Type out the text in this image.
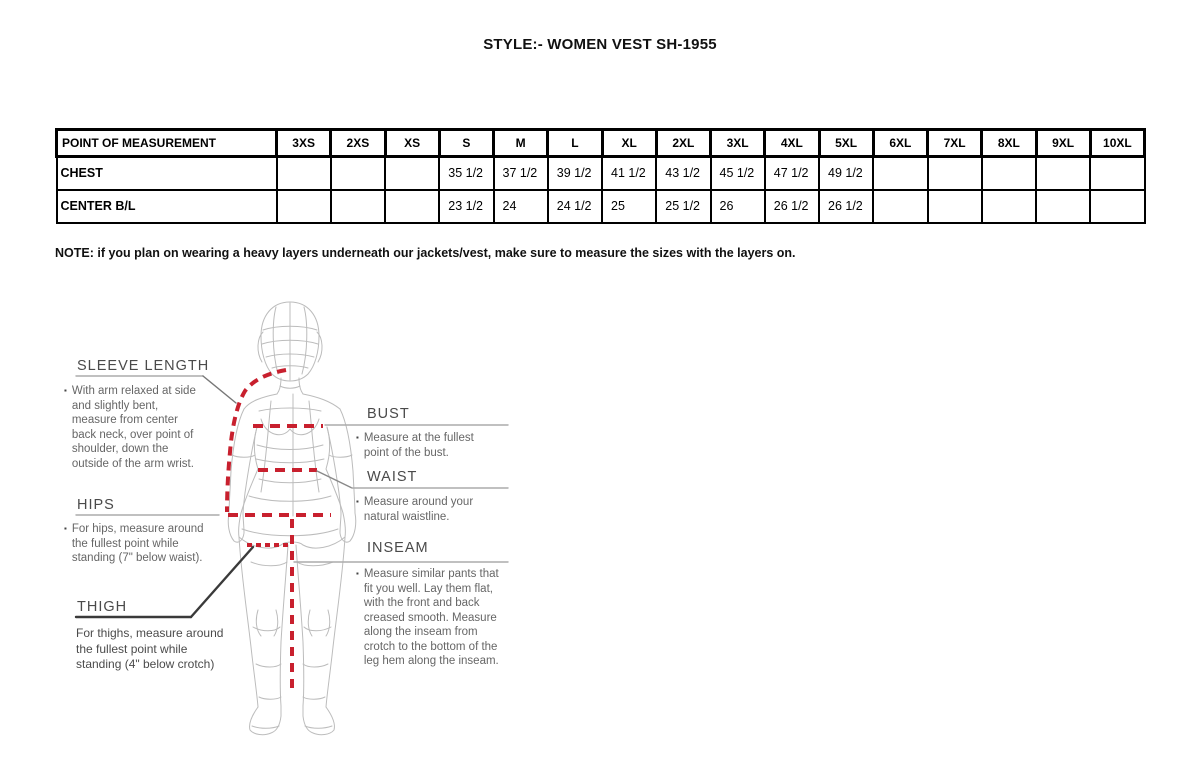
STYLE:- WOMEN VEST SH-1955
POINT OF MEASUREMENT	3XS	2XS	XS	S	M	L	XL	2XL	3XL	4XL	5XL	6XL	7XL	8XL	9XL	10XL
CHEST				35 1/2	37 1/2	39 1/2	41 1/2	43 1/2	45 1/2	47 1/2	49 1/2					
CENTER B/L				23 1/2	24	24 1/2	25	25 1/2	26	26 1/2	26 1/2					
NOTE: if you plan on wearing a heavy layers underneath our jackets/vest, make sure to measure the sizes with the layers on.
SLEEVE LENGTH
▪ With arm relaxed at side and slightly bent, measure from center back neck, over point of shoulder, down the outside of the arm wrist.
HIPS
▪ For hips, measure around the fullest point while standing (7" below waist).
THIGH
For thighs, measure around the fullest point while standing (4" below crotch)
BUST
▪ Measure at the fullest point of the bust.
WAIST
▪ Measure around your natural waistline.
INSEAM
▪ Measure similar pants that fit you well. Lay them flat, with the front and back creased smooth. Measure along the inseam from crotch to the bottom of the leg hem along the inseam.
